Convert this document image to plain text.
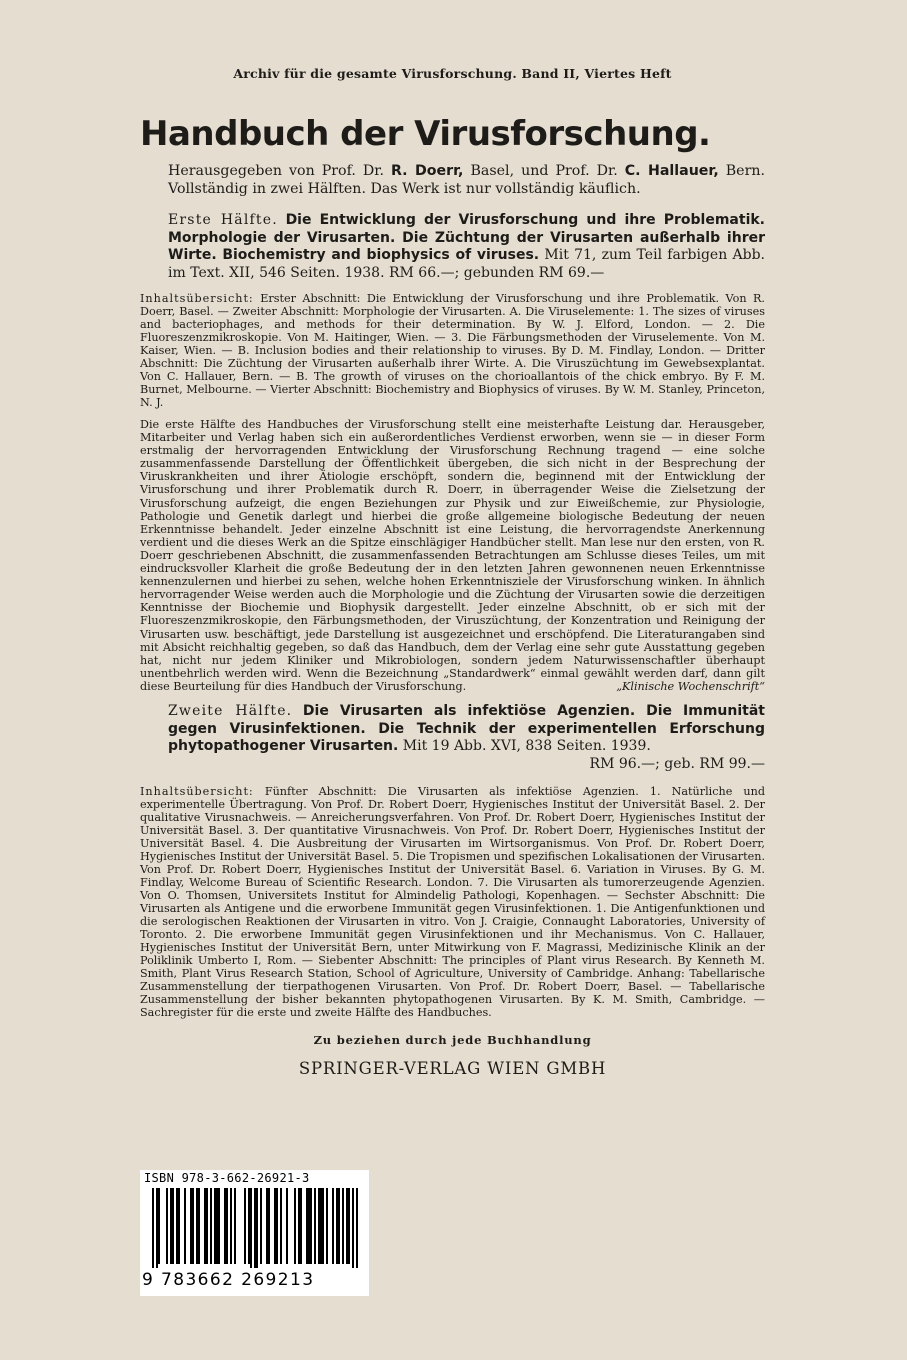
Archiv für die gesamte Virusforschung. Band II, Viertes Heft
Handbuch der Virusforschung.
Herausgegeben von Prof. Dr. R. Doerr, Basel, und Prof. Dr. C. Hallauer, Bern. Vollständig in zwei Hälften. Das Werk ist nur vollständig käuflich.
Erste Hälfte. Die Entwicklung der Virusforschung und ihre Problematik. Morphologie der Virusarten. Die Züchtung der Virusarten außerhalb ihrer Wirte. Biochemistry and biophysics of viruses. Mit 71, zum Teil farbigen Abb. im Text. XII, 546 Seiten. 1938. RM 66.—; gebunden RM 69.—
Inhaltsübersicht: Erster Abschnitt: Die Entwicklung der Virusforschung und ihre Problematik. Von R. Doerr, Basel. — Zweiter Abschnitt: Morphologie der Virusarten. A. Die Viruselemente: 1. The sizes of viruses and bacteriophages, and methods for their determination. By W. J. Elford, London. — 2. Die Fluoreszenzmikroskopie. Von M. Haitinger, Wien. — 3. Die Färbungsmethoden der Viruselemente. Von M. Kaiser, Wien. — B. Inclusion bodies and their relationship to viruses. By D. M. Findlay, London. — Dritter Abschnitt: Die Züchtung der Virusarten außerhalb ihrer Wirte. A. Die Viruszüchtung im Gewebsexplantat. Von C. Hallauer, Bern. — B. The growth of viruses on the chorioallantois of the chick embryo. By F. M. Burnet, Melbourne. — Vierter Abschnitt: Biochemistry and Biophysics of viruses. By W. M. Stanley, Princeton, N. J.
Die erste Hälfte des Handbuches der Virusforschung stellt eine meisterhafte Leistung dar. Herausgeber, Mitarbeiter und Verlag haben sich ein außerordentliches Verdienst erworben, wenn sie — in dieser Form erstmalig der hervorragenden Entwicklung der Virusforschung Rechnung tragend — eine solche zusammenfassende Darstellung der Öffentlichkeit übergeben, die sich nicht in der Besprechung der Viruskrankheiten und ihrer Ätiologie erschöpft, sondern die, beginnend mit der Entwicklung der Virusforschung und ihrer Problematik durch R. Doerr, in überragender Weise die Zielsetzung der Virusforschung aufzeigt, die engen Beziehungen zur Physik und zur Eiweißchemie, zur Physiologie, Pathologie und Genetik darlegt und hierbei die große allgemeine biologische Bedeutung der neuen Erkenntnisse behandelt. Jeder einzelne Abschnitt ist eine Leistung, die hervorragendste Anerkennung verdient und die dieses Werk an die Spitze einschlägiger Handbücher stellt. Man lese nur den ersten, von R. Doerr geschriebenen Abschnitt, die zusammenfassenden Betrachtungen am Schlusse dieses Teiles, um mit eindrucksvoller Klarheit die große Bedeutung der in den letzten Jahren gewonnenen neuen Erkenntnisse kennenzulernen und hierbei zu sehen, welche hohen Erkenntnisziele der Virusforschung winken. In ähnlich hervorragender Weise werden auch die Morphologie und die Züchtung der Virusarten sowie die derzeitigen Kenntnisse der Biochemie und Biophysik dargestellt. Jeder einzelne Abschnitt, ob er sich mit der Fluoreszenzmikroskopie, den Färbungsmethoden, der Viruszüchtung, der Konzentration und Reinigung der Virusarten usw. beschäftigt, jede Darstellung ist ausgezeichnet und erschöpfend. Die Literaturangaben sind mit Absicht reichhaltig gegeben, so daß das Handbuch, dem der Verlag eine sehr gute Ausstattung gegeben hat, nicht nur jedem Kliniker und Mikrobiologen, sondern jedem Naturwissenschaftler überhaupt unentbehrlich werden wird. Wenn die Bezeichnung „Standardwerk“ einmal gewählt werden darf, dann gilt diese Beurteilung für dies Handbuch der Virusforschung.	„Klinische Wochenschrift“
Zweite Hälfte. Die Virusarten als infektiöse Agenzien. Die Immunität gegen Virusinfektionen. Die Technik der experimentellen Erforschung phytopathogener Virusarten. Mit 19 Abb. XVI, 838 Seiten. 1939.
RM 96.—; geb. RM 99.—
Inhaltsübersicht: Fünfter Abschnitt: Die Virusarten als infektiöse Agenzien. 1. Natürliche und experimentelle Übertragung. Von Prof. Dr. Robert Doerr, Hygienisches Institut der Universität Basel. 2. Der qualitative Virusnachweis. — Anreicherungsverfahren. Von Prof. Dr. Robert Doerr, Hygienisches Institut der Universität Basel. 3. Der quantitative Virusnachweis. Von Prof. Dr. Robert Doerr, Hygienisches Institut der Universität Basel. 4. Die Ausbreitung der Virusarten im Wirtsorganismus. Von Prof. Dr. Robert Doerr, Hygienisches Institut der Universität Basel. 5. Die Tropismen und spezifischen Lokalisationen der Virusarten. Von Prof. Dr. Robert Doerr, Hygienisches Institut der Universität Basel. 6. Variation in Viruses. By G. M. Findlay, Welcome Bureau of Scientific Research. London. 7. Die Virusarten als tumorerzeugende Agenzien. Von O. Thomsen, Universitets Institut for Almindelig Pathologi, Kopenhagen. — Sechster Abschnitt: Die Virusarten als Antigene und die erworbene Immunität gegen Virusinfektionen. 1. Die Antigenfunktionen und die serologischen Reaktionen der Virusarten in vitro. Von J. Craigie, Connaught Laboratories, University of Toronto. 2. Die erworbene Immunität gegen Virusinfektionen und ihr Mechanismus. Von C. Hallauer, Hygienisches Institut der Universität Bern, unter Mitwirkung von F. Magrassi, Medizinische Klinik an der Poliklinik Umberto I, Rom. — Siebenter Abschnitt: The principles of Plant virus Research. By Kenneth M. Smith, Plant Virus Research Station, School of Agriculture, University of Cambridge. Anhang: Tabellarische Zusammenstellung der tierpathogenen Virusarten. Von Prof. Dr. Robert Doerr, Basel. — Tabellarische Zusammenstellung der bisher bekannten phytopathogenen Virusarten. By K. M. Smith, Cambridge. — Sachregister für die erste und zweite Hälfte des Handbuches.
Zu beziehen durch jede Buchhandlung
SPRINGER-VERLAG WIEN GMBH
ISBN 978-3-662-26921-3
9 783662 269213
